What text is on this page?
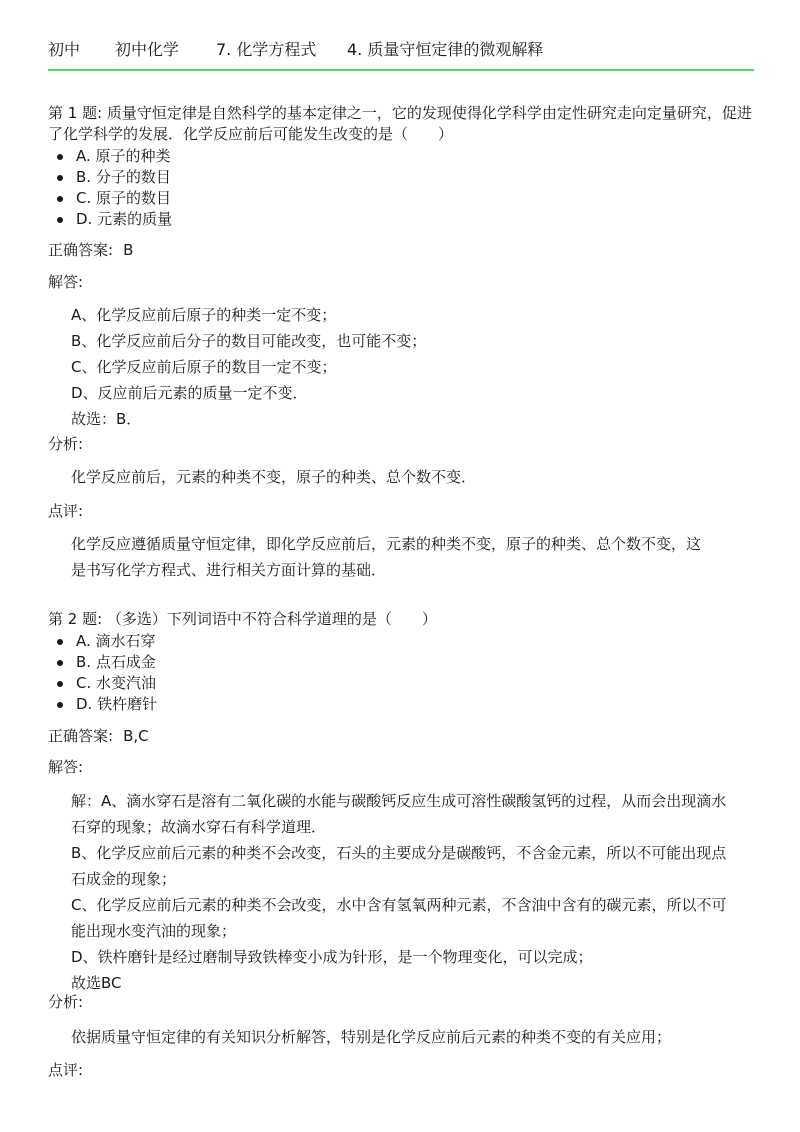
初中 初中化学 7. 化学方程式 4. 质量守恒定律的微观解释

第 1 题: 质量守恒定律是自然科学的基本定律之一，它的发现使得化学科学由定性研究走向定量研究，促进了化学科学的发展．化学反应前后可能发生改变的是（　　）

A. 原子的种类
B. 分子的数目
C. 原子的数目
D. 元素的质量
正确答案: B
解答:

A、化学反应前后原子的种类一定不变；

B、化学反应前后分子的数目可能改变，也可能不变；

C、化学反应前后原子的数目一定不变；

D、反应前后元素的质量一定不变．

故选：B．

分析:

化学反应前后，元素的种类不变，原子的种类、总个数不变．

点评:

化学反应遵循质量守恒定律，即化学反应前后，元素的种类不变，原子的种类、总个数不变，这是书写化学方程式、进行相关方面计算的基础．

第 2 题: （多选）下列词语中不符合科学道理的是（　　）

A. 滴水石穿
B. 点石成金
C. 水变汽油
D. 铁杵磨针
正确答案: B,C
解答:

解：A、滴水穿石是溶有二氧化碳的水能与碳酸钙反应生成可溶性碳酸氢钙的过程，从而会出现滴水石穿的现象；故滴水穿石有科学道理．

B、化学反应前后元素的种类不会改变，石头的主要成分是碳酸钙，不含金元素，所以不可能出现点石成金的现象；

C、化学反应前后元素的种类不会改变，水中含有氢氧两种元素，不含油中含有的碳元素，所以不可能出现水变汽油的现象；

D、铁杵磨针是经过磨制导致铁棒变小成为针形，是一个物理变化，可以完成；

故选BC

分析:

依据质量守恒定律的有关知识分析解答，特别是化学反应前后元素的种类不变的有关应用；

点评:
